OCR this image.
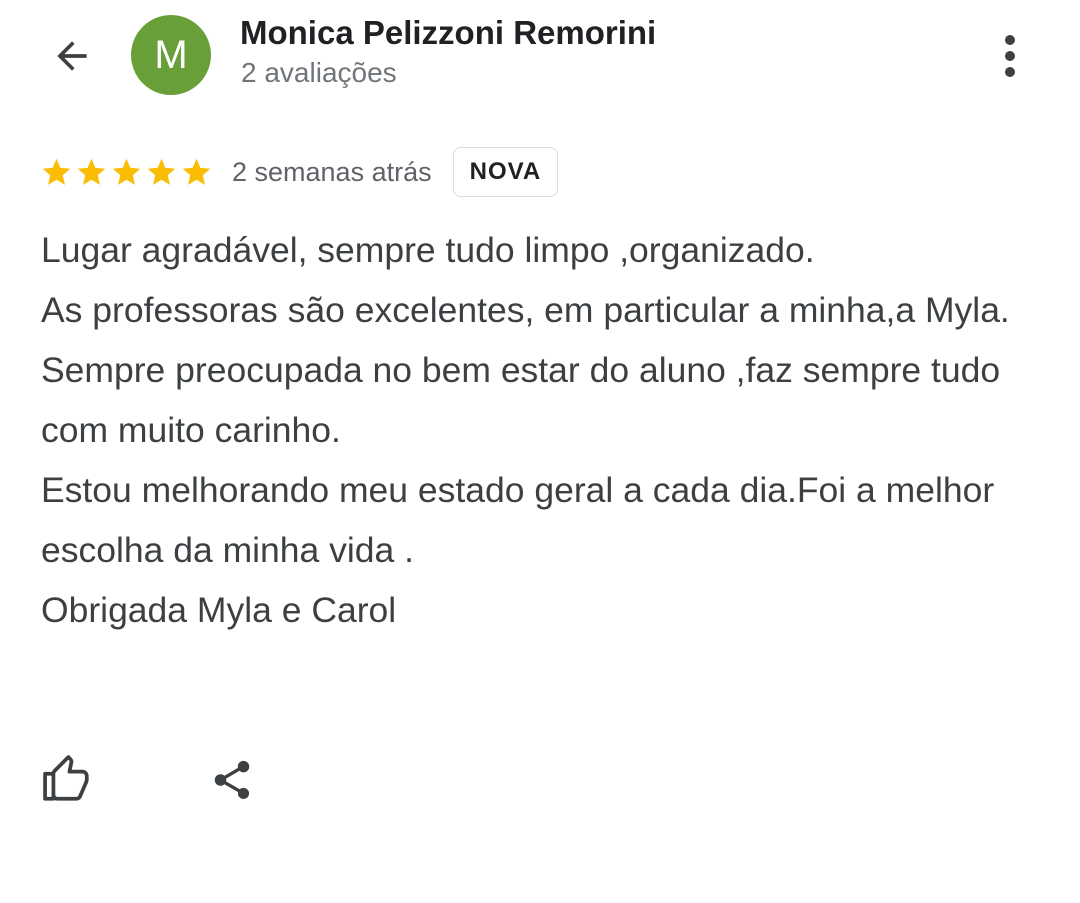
M Monica Pelizzoni Remorini
2 avaliações
2 semanas atrás	NOVA

Lugar agradável, sempre tudo limpo ,organizado.

As professoras são excelentes, em particular a minha,a Myla.

Sempre preocupada no bem estar do aluno ,faz sempre tudo com muito carinho.

Estou melhorando meu estado geral a cada dia.Foi a melhor escolha da minha vida .

Obrigada Myla e Carol
